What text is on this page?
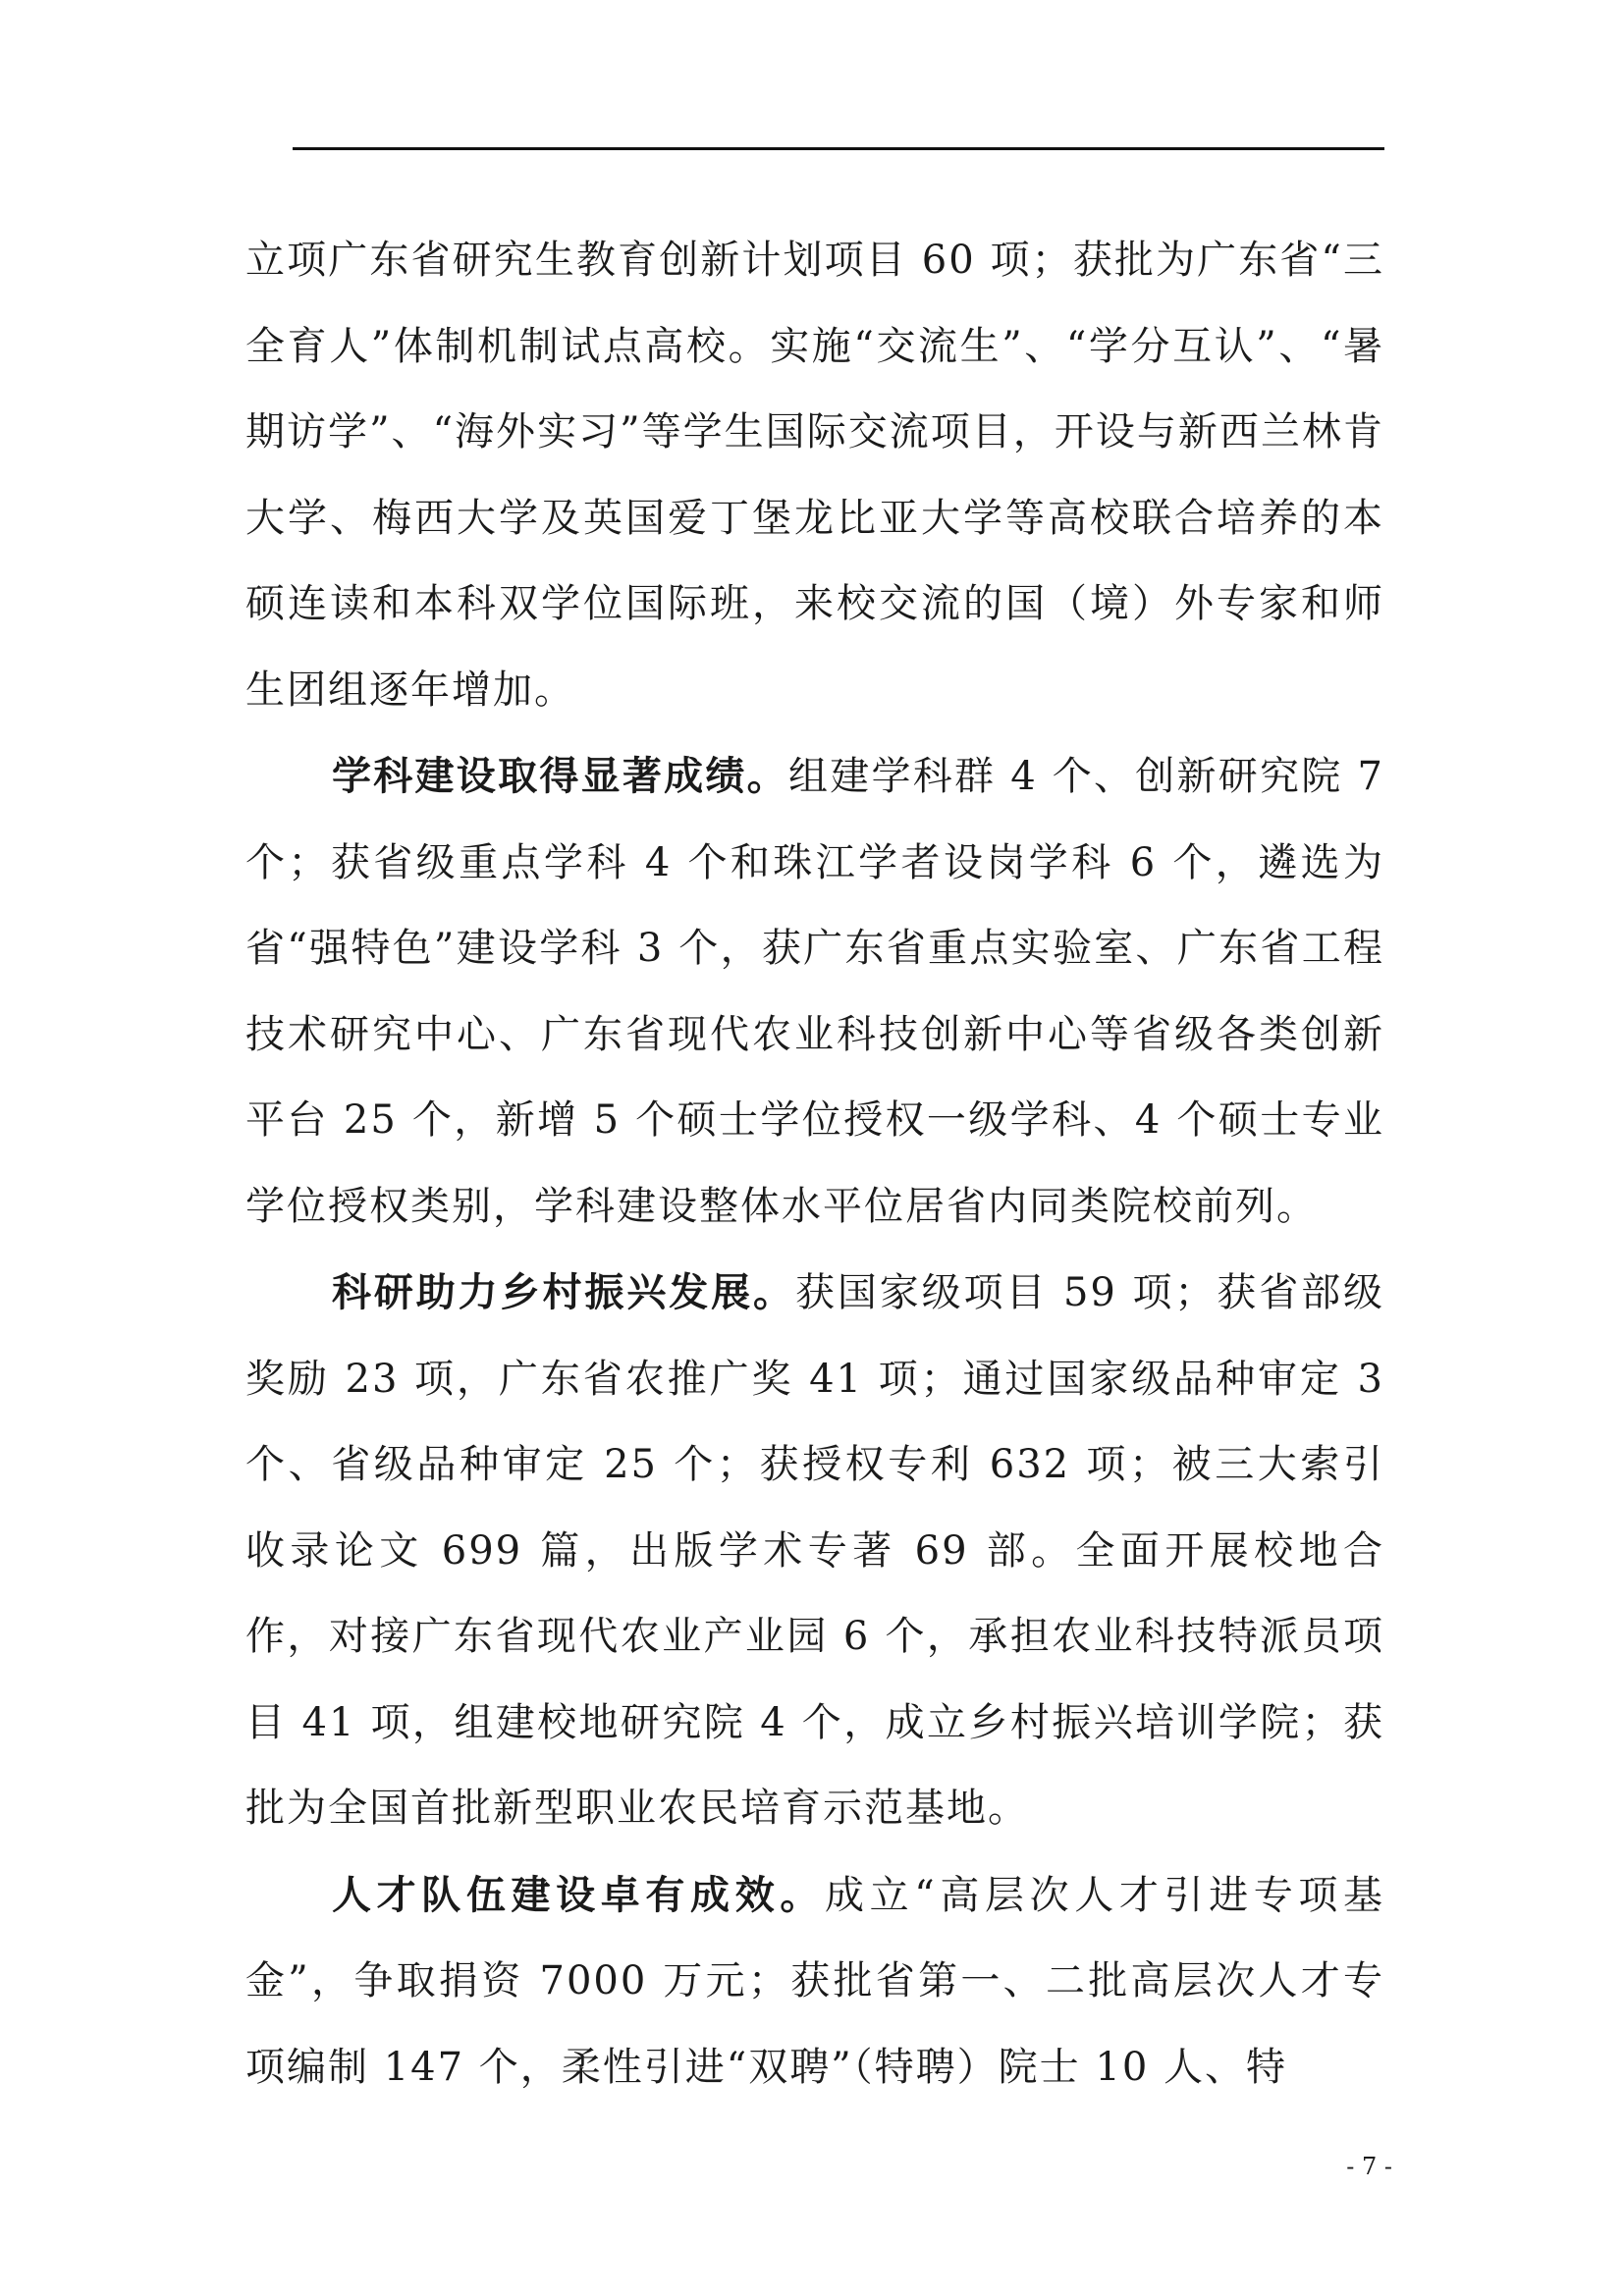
立项广东省研究生教育创新计划项目 60 项；获批为广东省“三全育人”体制机制试点高校。实施“交流生”、“学分互认”、“暑期访学”、“海外实习”等学生国际交流项目，开设与新西兰林肯大学、梅西大学及英国爱丁堡龙比亚大学等高校联合培养的本硕连读和本科双学位国际班，来校交流的国（境）外专家和师生团组逐年增加。

学科建设取得显著成绩。组建学科群 4 个、创新研究院 7 个；获省级重点学科 4 个和珠江学者设岗学科 6 个，遴选为省“强特色”建设学科 3 个，获广东省重点实验室、广东省工程技术研究中心、广东省现代农业科技创新中心等省级各类创新平台 25 个，新增 5 个硕士学位授权一级学科、4 个硕士专业学位授权类别，学科建设整体水平位居省内同类院校前列。

科研助力乡村振兴发展。获国家级项目 59 项；获省部级奖励 23 项，广东省农推广奖 41 项；通过国家级品种审定 3 个、省级品种审定 25 个；获授权专利 632 项；被三大索引收录论文 699 篇，出版学术专著 69 部。全面开展校地合作，对接广东省现代农业产业园 6 个，承担农业科技特派员项目 41 项，组建校地研究院 4 个，成立乡村振兴培训学院；获批为全国首批新型职业农民培育示范基地。

人才队伍建设卓有成效。成立“高层次人才引进专项基金”，争取捐资 7000 万元；获批省第一、二批高层次人才专项编制 147 个，柔性引进“双聘”（特聘）院士 10 人、特

- 7 -
